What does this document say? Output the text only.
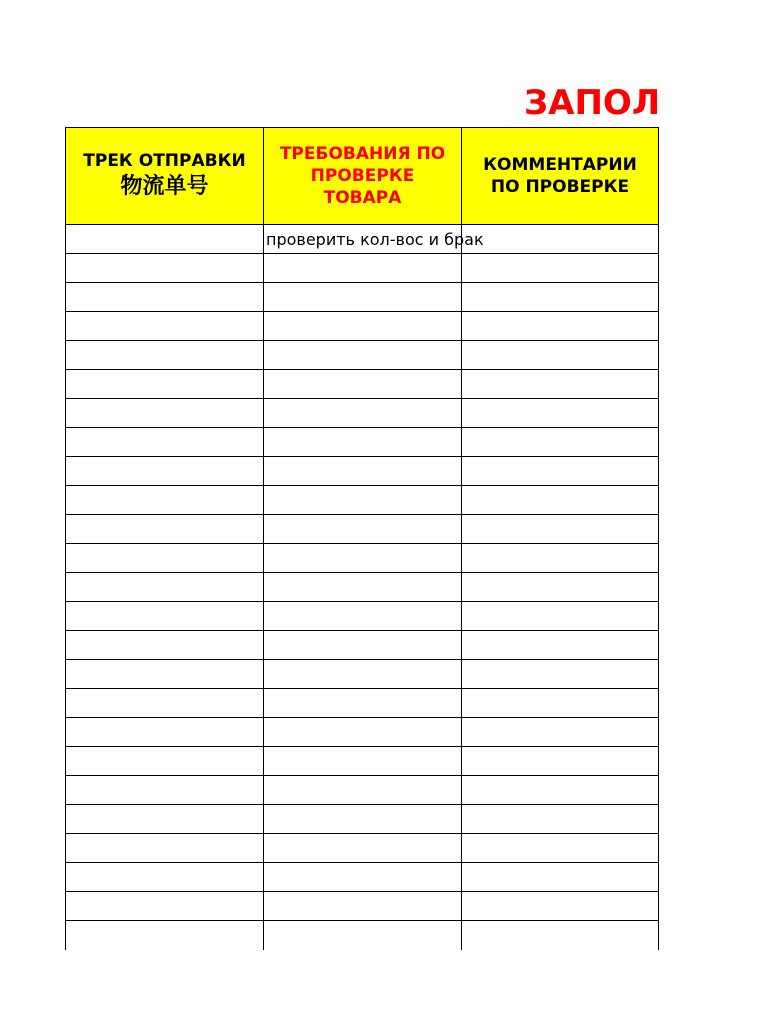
ЗАПОЛ
ТРЕК ОТПРАВКИ
物流单号
ТРЕБОВАНИЯ ПО
ПРОВЕРКЕ
ТОВАРА
КОММЕНТАРИИ
ПО ПРОВЕРКЕ
проверить кол-вос и брак
